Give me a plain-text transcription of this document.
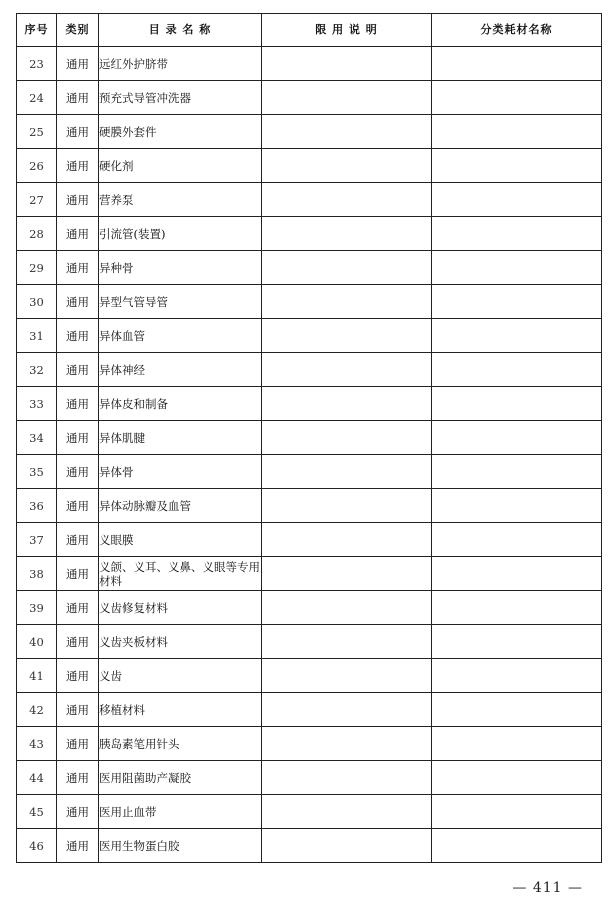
序号	类别	目 录 名 称	限 用 说 明	分类耗材名称
23	通用	远红外护脐带		
24	通用	预充式导管冲洗器		
25	通用	硬膜外套件		
26	通用	硬化剂		
27	通用	营养泵		
28	通用	引流管(装置)		
29	通用	异种骨		
30	通用	异型气管导管		
31	通用	异体血管		
32	通用	异体神经		
33	通用	异体皮和制备		
34	通用	异体肌腱		
35	通用	异体骨		
36	通用	异体动脉瓣及血管		
37	通用	义眼膜		
38	通用	义颌、义耳、义鼻、义眼等专用材料		
39	通用	义齿修复材料		
40	通用	义齿夹板材料		
41	通用	义齿		
42	通用	移植材料		
43	通用	胰岛素笔用针头		
44	通用	医用阻菌助产凝胶		
45	通用	医用止血带		
46	通用	医用生物蛋白胶		
— 411 —
